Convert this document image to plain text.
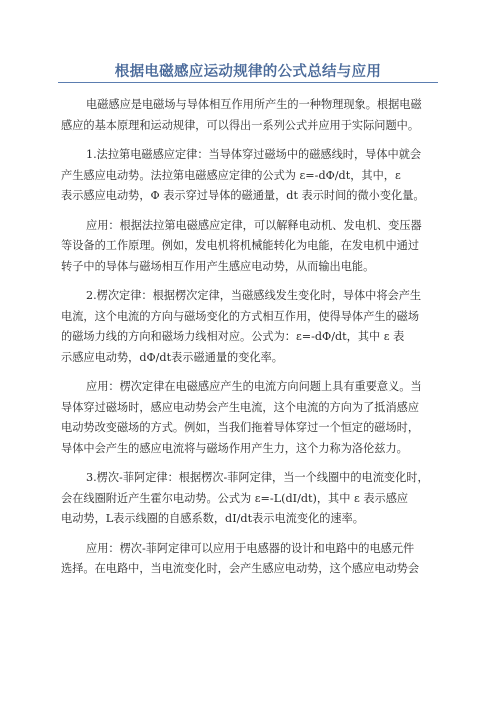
根据电磁感应运动规律的公式总结与应用

电磁感应是电磁场与导体相互作用所产生的一种物理现象。根据电磁
感应的基本原理和运动规律，可以得出一系列公式并应用于实际问题中。

1.法拉第电磁感应定律：当导体穿过磁场中的磁感线时，导体中就会
产生感应电动势。法拉第电磁感应定律的公式为 ε=-dΦ/dt，其中，ε
表示感应电动势，Φ 表示穿过导体的磁通量，dt 表示时间的微小变化量。

应用：根据法拉第电磁感应定律，可以解释电动机、发电机、变压器
等设备的工作原理。例如，发电机将机械能转化为电能，在发电机中通过
转子中的导体与磁场相互作用产生感应电动势，从而输出电能。

2.楞次定律：根据楞次定律，当磁感线发生变化时，导体中将会产生
电流，这个电流的方向与磁场变化的方式相互作用，使得导体产生的磁场
的磁场力线的方向和磁场力线相对应。公式为：ε=-dΦ/dt，其中 ε 表
示感应电动势，dΦ/dt表示磁通量的变化率。

应用：楞次定律在电磁感应产生的电流方向问题上具有重要意义。当
导体穿过磁场时，感应电动势会产生电流，这个电流的方向为了抵消感应
电动势改变磁场的方式。例如，当我们拖着导体穿过一个恒定的磁场时，
导体中会产生的感应电流将与磁场作用产生力，这个力称为洛伦兹力。

3.楞次-菲阿定律：根据楞次-菲阿定律，当一个线圈中的电流变化时，
会在线圈附近产生霍尔电动势。公式为 ε=-L(dI/dt)，其中 ε 表示感应
电动势，L表示线圈的自感系数，dI/dt表示电流变化的速率。

应用：楞次-菲阿定律可以应用于电感器的设计和电路中的电感元件
选择。在电路中，当电流变化时，会产生感应电动势，这个感应电动势会
